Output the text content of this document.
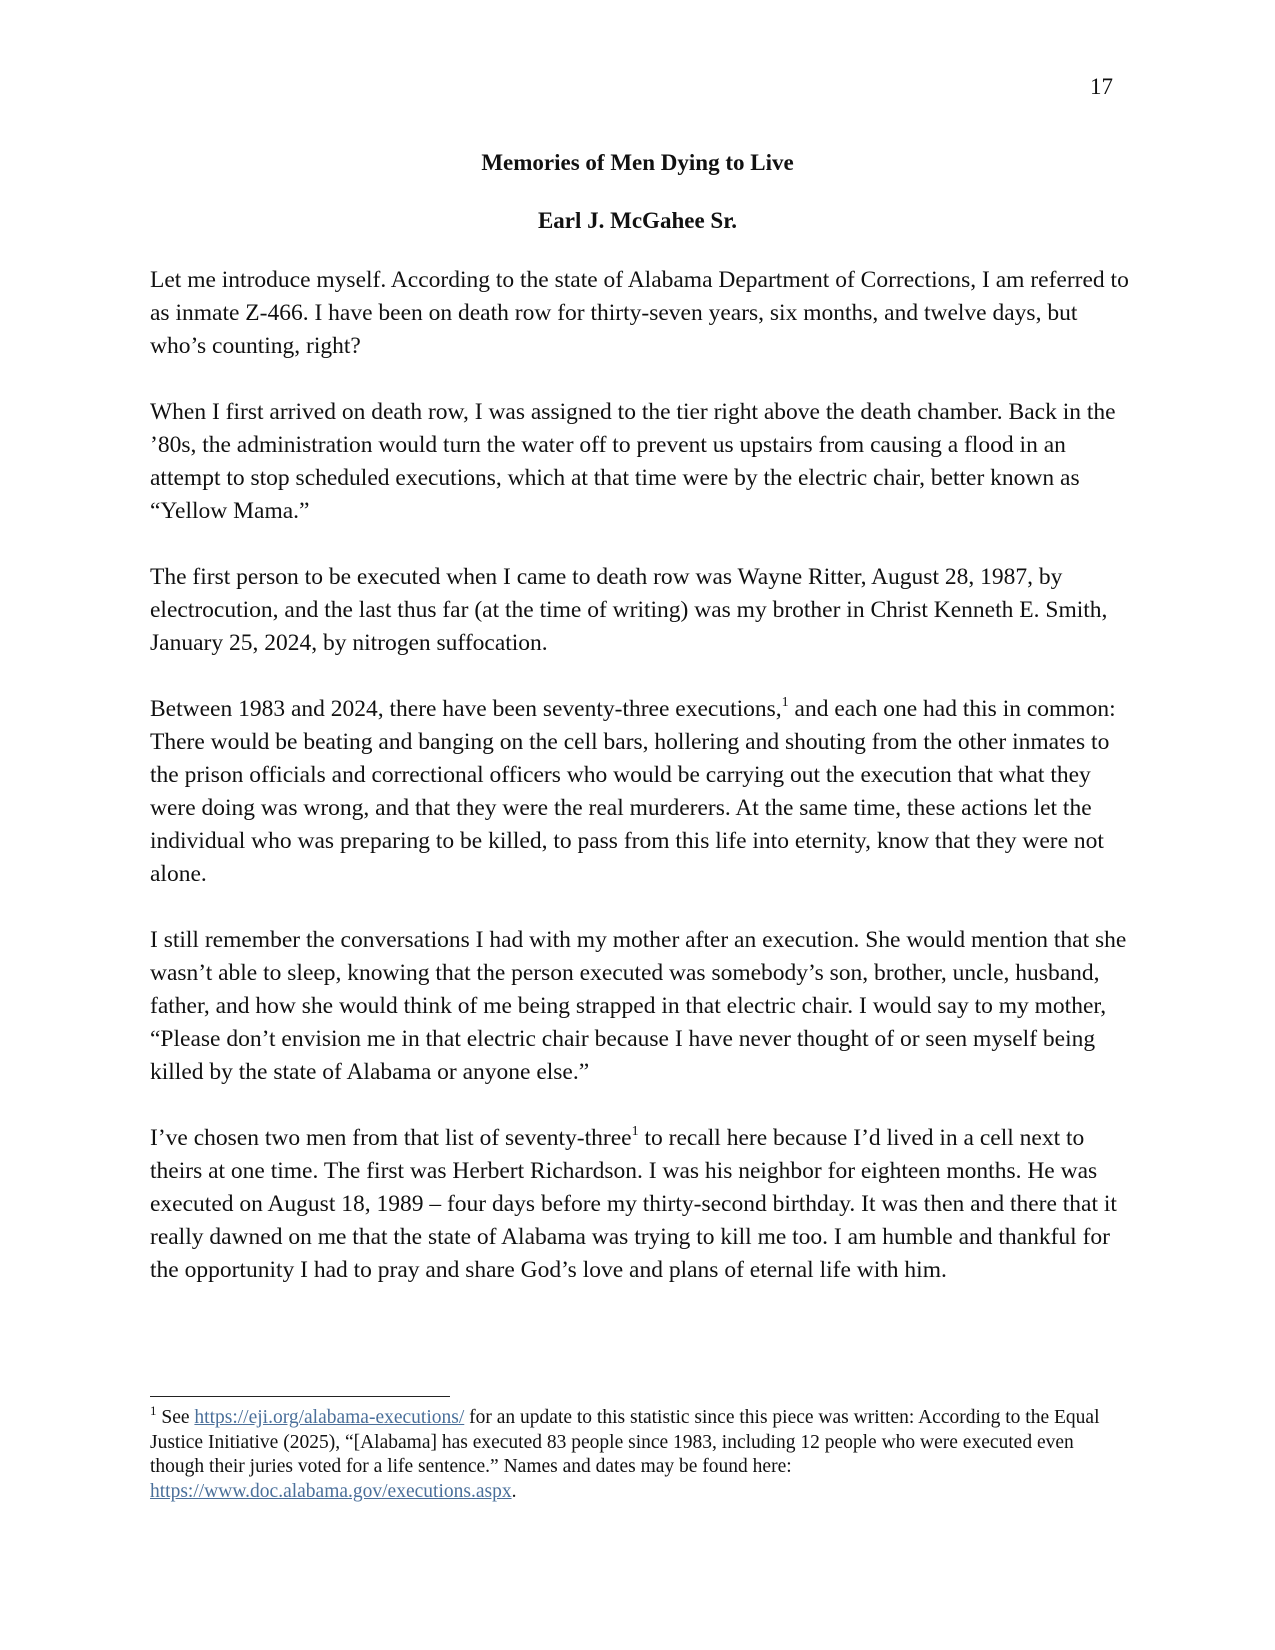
17
Memories of Men Dying to Live
Earl J. McGahee Sr.

Let me introduce myself. According to the state of Alabama Department of Corrections, I am referred to as inmate Z-466. I have been on death row for thirty-seven years, six months, and twelve days, but who’s counting, right?

When I first arrived on death row, I was assigned to the tier right above the death chamber. Back in the ’80s, the administration would turn the water off to prevent us upstairs from causing a flood in an attempt to stop scheduled executions, which at that time were by the electric chair, better known as “Yellow Mama.”

The first person to be executed when I came to death row was Wayne Ritter, August 28, 1987, by electrocution, and the last thus far (at the time of writing) was my brother in Christ Kenneth E. Smith, January 25, 2024, by nitrogen suffocation.

Between 1983 and 2024, there have been seventy-three executions,$^1$ and each one had this in common: There would be beating and banging on the cell bars, hollering and shouting from the other inmates to the prison officials and correctional officers who would be carrying out the execution that what they were doing was wrong, and that they were the real murderers. At the same time, these actions let the individual who was preparing to be killed, to pass from this life into eternity, know that they were not alone.

I still remember the conversations I had with my mother after an execution. She would mention that she wasn’t able to sleep, knowing that the person executed was somebody’s son, brother, uncle, husband, father, and how she would think of me being strapped in that electric chair. I would say to my mother, “Please don’t envision me in that electric chair because I have never thought of or seen myself being killed by the state of Alabama or anyone else.”

I’ve chosen two men from that list of seventy-three$^1$ to recall here because I’d lived in a cell next to theirs at one time. The first was Herbert Richardson. I was his neighbor for eighteen months. He was executed on August 18, 1989 – four days before my thirty-second birthday. It was then and there that it really dawned on me that the state of Alabama was trying to kill me too. I am humble and thankful for the opportunity I had to pray and share God’s love and plans of eternal life with him.

$^1$ See https://eji.org/alabama-executions/ for an update to this statistic since this piece was written: According to the Equal Justice Initiative (2025), “[Alabama] has executed 83 people since 1983, including 12 people who were executed even though their juries voted for a life sentence.” Names and dates may be found here: https://www.doc.alabama.gov/executions.aspx.
